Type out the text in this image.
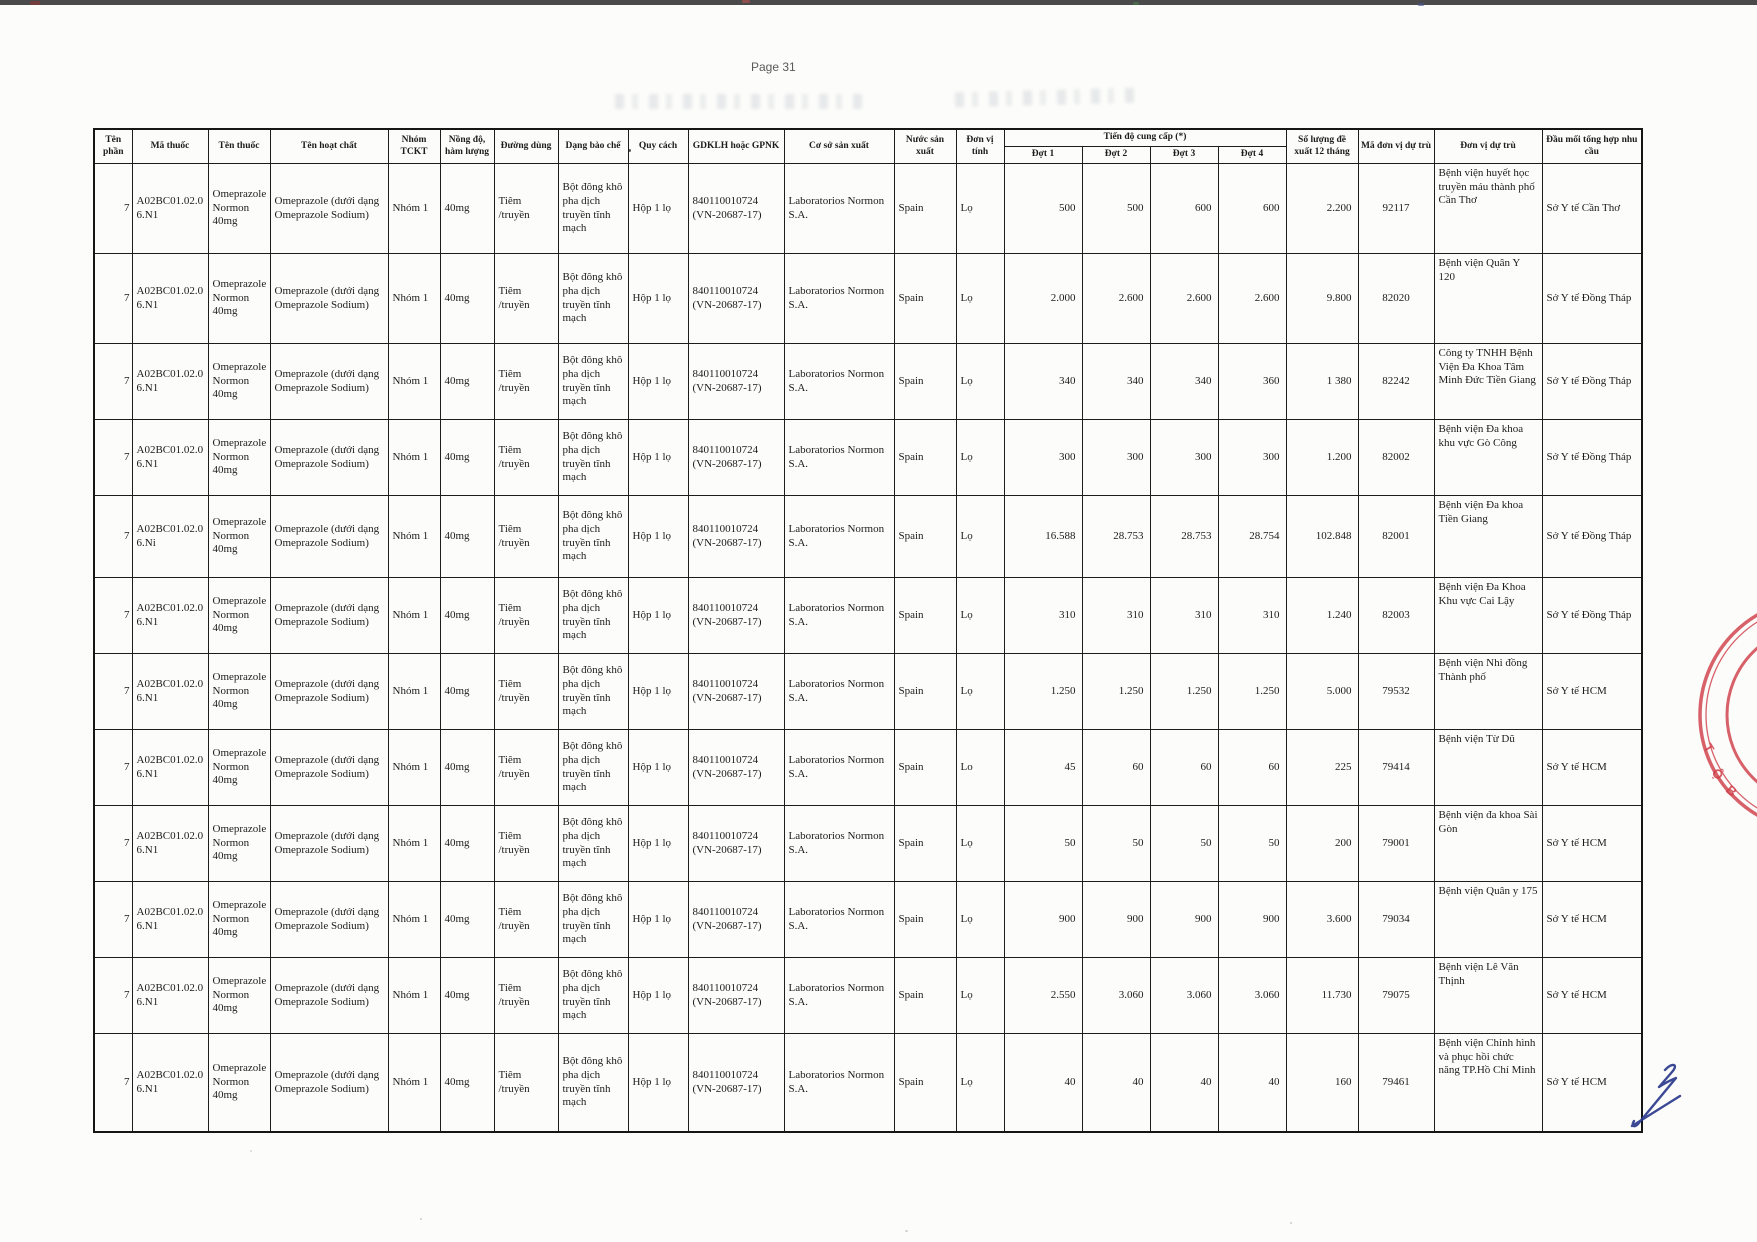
Page 31
Tên phần	Mã thuốc	Tên thuốc	Tên hoạt chất	Nhóm TCKT	Nồng độ, hàm lượng	Đường dùng	Dạng bào chế	Quy cách	GDKLH hoặc GPNK	Cơ sở sản xuất	Nước sản xuất	Đơn vị tính	Tiến độ cung cấp (*)				Số lượng đề xuất 12 tháng	Mã đơn vị dự trù	Đơn vị dự trù	Đầu mối tổng hợp nhu cầu
													Đợt 1	Đợt 2	Đợt 3	Đợt 4				
7	A02BC01.02.06.N1	Omeprazole Normon 40mg	Omeprazole (dưới dạng Omeprazole Sodium)	Nhóm 1	40mg	Tiêm /truyền	Bột đông khô pha dịch truyền tĩnh mạch	Hộp 1 lọ	840110010724 (VN-20687-17)	Laboratorios Normon S.A.	Spain	Lọ	500	500	600	600	2.200	92117	Bệnh viện huyết học truyền máu thành phố Cần Thơ	Sở Y tế Cần Thơ
7	A02BC01.02.06.N1	Omeprazole Normon 40mg	Omeprazole (dưới dạng Omeprazole Sodium)	Nhóm 1	40mg	Tiêm /truyền	Bột đông khô pha dịch truyền tĩnh mạch	Hộp 1 lọ	840110010724 (VN-20687-17)	Laboratorios Normon S.A.	Spain	Lọ	2.000	2.600	2.600	2.600	9.800	82020	Bệnh viện Quân Y 120	Sở Y tế Đồng Tháp
7	A02BC01.02.06.N1	Omeprazole Normon 40mg	Omeprazole (dưới dạng Omeprazole Sodium)	Nhóm 1	40mg	Tiêm /truyền	Bột đông khô pha dịch truyền tĩnh mạch	Hộp 1 lọ	840110010724 (VN-20687-17)	Laboratorios Normon S.A.	Spain	Lọ	340	340	340	360	1 380	82242	Công ty TNHH Bệnh Viện Đa Khoa Tâm Minh Đức Tiền Giang	Sở Y tế Đồng Tháp
7	A02BC01.02.06.N1	Omeprazole Normon 40mg	Omeprazole (dưới dạng Omeprazole Sodium)	Nhóm 1	40mg	Tiêm /truyền	Bột đông khô pha dịch truyền tĩnh mạch	Hộp 1 lọ	840110010724 (VN-20687-17)	Laboratorios Normon S.A.	Spain	Lọ	300	300	300	300	1.200	82002	Bệnh viện Đa khoa khu vực Gò Công	Sở Y tế Đồng Tháp
7	A02BC01.02.06.Ni	Omeprazole Normon 40mg	Omeprazole (dưới dạng Omeprazole Sodium)	Nhóm 1	40mg	Tiêm /truyền	Bột đông khô pha dịch truyền tĩnh mạch	Hộp 1 lọ	840110010724 (VN-20687-17)	Laboratorios Normon S.A.	Spain	Lọ	16.588	28.753	28.753	28.754	102.848	82001	Bệnh viện Đa khoa Tiền Giang	Sở Y tế Đồng Tháp
7	A02BC01.02.06.N1	Omeprazole Normon 40mg	Omeprazole (dưới dạng Omeprazole Sodium)	Nhóm 1	40mg	Tiêm /truyền	Bột đông khô pha dịch truyền tĩnh mạch	Hộp 1 lọ	840110010724 (VN-20687-17)	Laboratorios Normon S.A.	Spain	Lọ	310	310	310	310	1.240	82003	Bệnh viện Đa Khoa Khu vực Cai Lậy	Sở Y tế Đồng Tháp
7	A02BC01.02.06.N1	Omeprazole Normon 40mg	Omeprazole (dưới dạng Omeprazole Sodium)	Nhóm 1	40mg	Tiêm /truyền	Bột đông khô pha dịch truyền tĩnh mạch	Hộp 1 lọ	840110010724 (VN-20687-17)	Laboratorios Normon S.A.	Spain	Lọ	1.250	1.250	1.250	1.250	5.000	79532	Bệnh viện Nhi đồng Thành phố	Sở Y tế HCM
7	A02BC01.02.06.N1	Omeprazole Normon 40mg	Omeprazole (dưới dạng Omeprazole Sodium)	Nhóm 1	40mg	Tiêm /truyền	Bột đông khô pha dịch truyền tĩnh mạch	Hộp 1 lọ	840110010724 (VN-20687-17)	Laboratorios Normon S.A.	Spain	Lo	45	60	60	60	225	79414	Bệnh viện Từ Dũ	Sở Y tế HCM
7	A02BC01.02.06.N1	Omeprazole Normon 40mg	Omeprazole (dưới dạng Omeprazole Sodium)	Nhóm 1	40mg	Tiêm /truyền	Bột đông khô pha dịch truyền tĩnh mạch	Hộp 1 lọ	840110010724 (VN-20687-17)	Laboratorios Normon S.A.	Spain	Lọ	50	50	50	50	200	79001	Bệnh viện đa khoa Sài Gòn	Sở Y tế HCM
7	A02BC01.02.06.N1	Omeprazole Normon 40mg	Omeprazole (dưới dạng Omeprazole Sodium)	Nhóm 1	40mg	Tiêm /truyền	Bột đông khô pha dịch truyền tĩnh mạch	Hộp 1 lọ	840110010724 (VN-20687-17)	Laboratorios Normon S.A.	Spain	Lọ	900	900	900	900	3.600	79034	Bệnh viện Quân y 175	Sở Y tế HCM
7	A02BC01.02.06.N1	Omeprazole Normon 40mg	Omeprazole (dưới dạng Omeprazole Sodium)	Nhóm 1	40mg	Tiêm /truyền	Bột đông khô pha dịch truyền tĩnh mạch	Hộp 1 lọ	840110010724 (VN-20687-17)	Laboratorios Normon S.A.	Spain	Lọ	2.550	3.060	3.060	3.060	11.730	79075	Bệnh viện Lê Văn Thịnh	Sở Y tế HCM
7	A02BC01.02.06.N1	Omeprazole Normon 40mg	Omeprazole (dưới dạng Omeprazole Sodium)	Nhóm 1	40mg	Tiêm /truyền	Bột đông khô pha dịch truyền tĩnh mạch	Hộp 1 lọ	840110010724 (VN-20687-17)	Laboratorios Normon S.A.	Spain	Lọ	40	40	40	40	160	79461	Bệnh viện Chỉnh hình và phục hồi chức năng TP.Hồ Chí Minh	Sở Y tế HCM
T
Ộ
B
